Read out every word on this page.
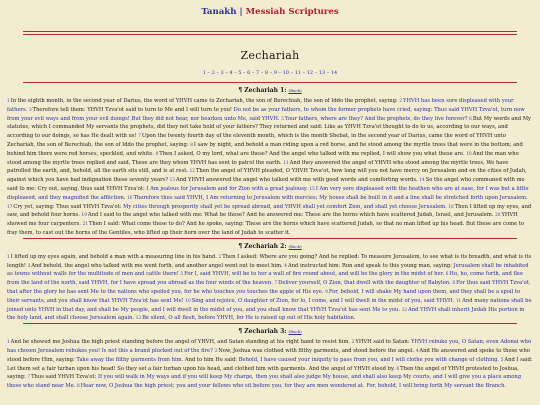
Tanakh | Messiah Scriptures
Zechariah
1 – 2 – 3 – 4 – 5 – 6 – 7 – 8 – 9 – 10 – 11 – 12 – 13 – 14
¶ Zechariah 1: (Back)
1In the eighth month, in the second year of Darius, the word of YHVH came to Zechariah, the son of Berechiah, the son of Iddo the prophet, saying: 2YHVH has been sore displeased with your fathers. 3Therefore tell them: YHVH Tzva'ot said to turn to Me and I will turn to you! Do not be as your fathers, to whom the former prophets have cried, saying: Thus said YHVH Tzva'ot, turn now from your evil ways and from your evil doings! But they did not hear, nor hearken unto Me, said YHVH. 5Your fathers, where are they? And the prophets, do they live forever? 6But My words and My statutes, which I commanded My servants the prophets, did they not take hold of your fathers? They returned and said: Like as YHVH Tzva'ot thought to do to us, according to our ways, and according to our doings, so has He dealt with us! 7Upon the twenty fourth day of the eleventh month, which is the month Shebat, in the second year of Darius, came the word of YHVH unto Zechariah, the son of Berechiah, the son of Iddo the prophet, saying: 8I saw by night, and behold a man riding upon a red horse, and he stood among the myrtle trees that were in the bottom; and behind him there were red horses, speckled, and white. 9Then I asked, O my lord, what are these? And the angel who talked with me replied, I will show you what these are. 10And the man who stood among the myrtle trees replied and said, These are they whom YHVH has sent to patrol the earth. 11And they answered the angel of YHVH who stood among the myrtle trees, We have patrolled the earth, and, behold, all the earth sits still, and is at rest. 12Then the angel of YHVH pleaded, O YHVH Tzva'ot, how long will you not have mercy on Jerusalem and on the cities of Judah, against which you have had indignation these seventy years? 13And YHVH answered the angel who talked with me with good words and comforting words. 14So the angel who communed with me said to me: Cry out, saying, thus said YHVH Tzva'ot: I Am jealous for Jerusalem and for Zion with a great jealousy. 15I Am very sore displeased with the heathen who are at ease, for I was but a little displeased, and they magnified the affliction. 16Therefore thus said YHVH, I Am returning to Jerusalem with mercies; My house shall be built in it and a line shall be stretched forth upon Jerusalem. 17Cry yet, saying: Thus said YHVH Tzva'ot: My cities through prosperity shall yet be spread abroad, and YHVH shall yet comfort Zion, and shall yet choose Jerusalem. 18Then I lifted up my eyes, and saw, and behold four horns. 19And I said to the angel who talked with me: What be these? And he answered me: These are the horns which have scattered Judah, Israel, and Jerusalem. 20YHVH showed me four carpenters. 21Then I said: What come these to do? And he spoke, saying: These are the horns which have scattered Judah, so that no man lifted up his head. But these are come to fray them, to cast out the horns of the Gentiles, who lifted up their horn over the land of Judah to scatter it.
¶ Zechariah 2: (Back)
1I lifted up my eyes again, and behold a man with a measuring line in his hand. 2Then I asked: Where are you going? And he replied: To measure Jerusalem, to see what is its breadth, and what is its length! 3And behold, the angel who talked with me went forth, and another angel went out to meet him. 4And instructed him: Run and speak to this young man, saying: Jerusalem shall be inhabited as towns without walls for the multitude of men and cattle there! 5For I, said YHVH, will be to her a wall of fire round about, and will be the glory in the midst of her. 6Ho, ho, come forth, and flee from the land of the north, said YHVH, for I have spread you abroad as the four winds of the heaven. 7Deliver yourself, O Zion, that dwell with the daughter of Babylon. 8For thus said YHVH Tzva'ot, that after the glory he has sent Me to the nations who spoiled you, for he who touches you touches the apple of His eye. 9For, behold, I will shake My hand upon them, and they shall be a spoil to their servants, and you shall know that YHVH Tzva'ot has sent Me! 10Sing and rejoice, O daughter of Zion, for lo, I come, and I will dwell in the midst of you, said YHVH. 11And many nations shall be joined unto YHVH in that day, and shall be My people, and I will dwell in the midst of you, and you shall know that YHVH Tzva'ot has sent Me to you. 12And YHVH shall inherit Judah His portion in the holy land, and shall choose Jerusalem again. 13Be silent, O all flesh, before YHVH, for He is raised up out of His holy habitation.
¶ Zechariah 3: (Back)
1And he showed me Joshua the high priest standing before the angel of YHVH, and Satan standing at his right hand to resist him. 2YHVH said to Satan: YHVH rebuke you, O Satan; even Adonai who has chosen Jerusalem rebukes you! Is not this a brand plucked out of the fire? 3Now, Joshua was clothed with filthy garments, and stood before the angel. 4And He answered and spoke to those who stood before Him, saying: Take away the filthy garments from him. And to him He said: Behold, I have caused your iniquity to pass from you, and I will clothe you with change of clothing. 5And I said: Let them set a fair turban upon his head! So they set a fair turban upon his head, and clothed him with garments. And the angel of YHVH stood by. 6Then the angel of YHVH protested to Joshua, saying: 7Thus said YHVH Tzva'ot: If you will walk in My ways and if you will keep My charge, then you shall also judge My house, and shall also keep My courts, and I will give you a place among those who stand near Me. 8Hear now, O Joshua the high priest; you and your fellows who sit before you, for they are men wondered at. For, behold, I will bring forth My servant the Branch.
